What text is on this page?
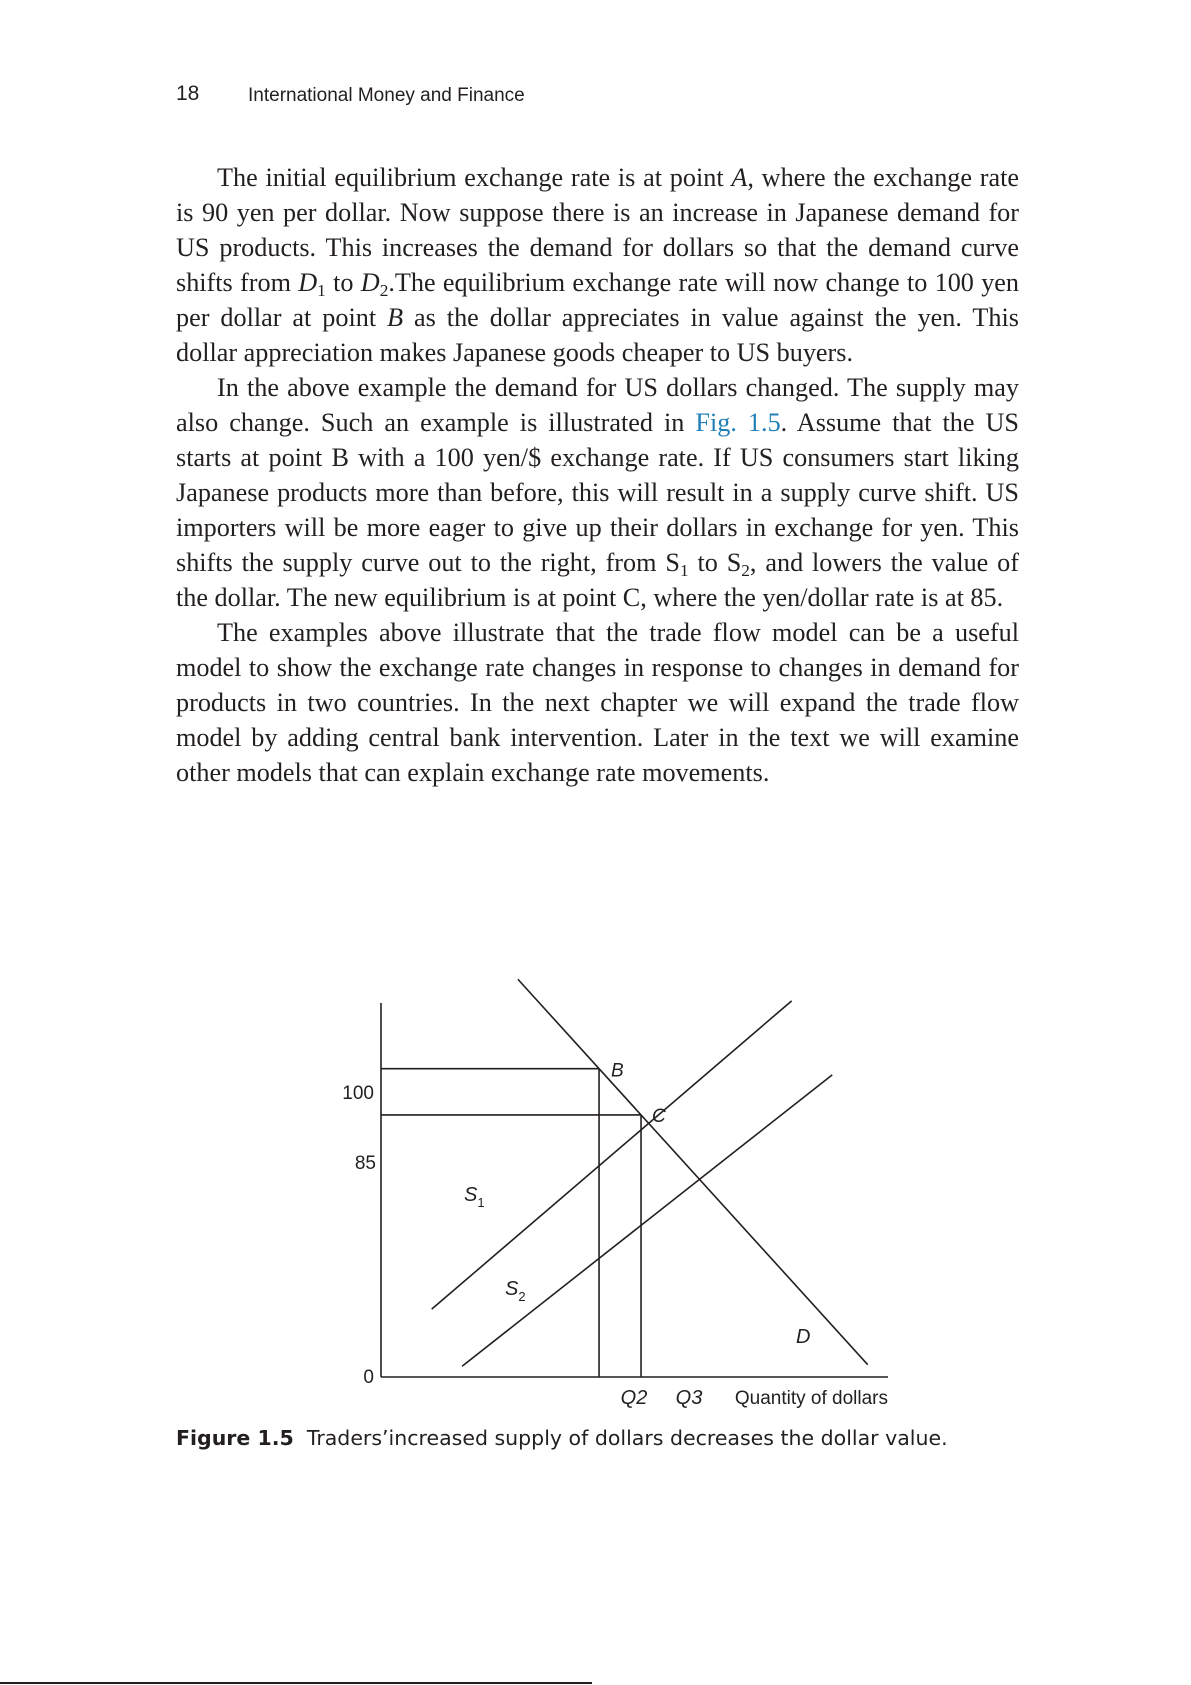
18	International Money and Finance

The initial equilibrium exchange rate is at point A, where the exchange rate is 90 yen per dollar. Now suppose there is an increase in Japanese demand for US products. This increases the demand for dollars so that the demand curve shifts from $D_1$ to $D_2.The$ equilibrium exchange rate will now change to 100 yen per dollar at point B as the dollar appreciates in value against the yen. This dollar appreciation makes Japanese goods cheaper to US buyers.

In the above example the demand for US dollars changed. The supply may also change. Such an example is illustrated in Fig. 1.5. Assume that the US starts at point B with a 100 yen/$ exchange rate. If US consumers start liking Japanese products more than before, this will result in a supply curve shift. US importers will be more eager to give up their dollars in exchange for yen. This shifts the supply curve out to the right, from $S_1$ to $S_2$, and lowers the value of the dollar. The new equilibrium is at point C, where the yen/dollar rate is at 85.

The examples above illustrate that the trade flow model can be a useful model to show the exchange rate changes in response to changes in demand for products in two countries. In the next chapter we will expand the trade flow model by adding central bank intervention. Later in the text we will examine other models that can explain exchange rate movements.

100
85
0
B
C
$S_1$
$S_2$
D
Q2 Q3 Quantity of dollars
Figure 1.5 Traders’increased supply of dollars decreases the dollar value.
